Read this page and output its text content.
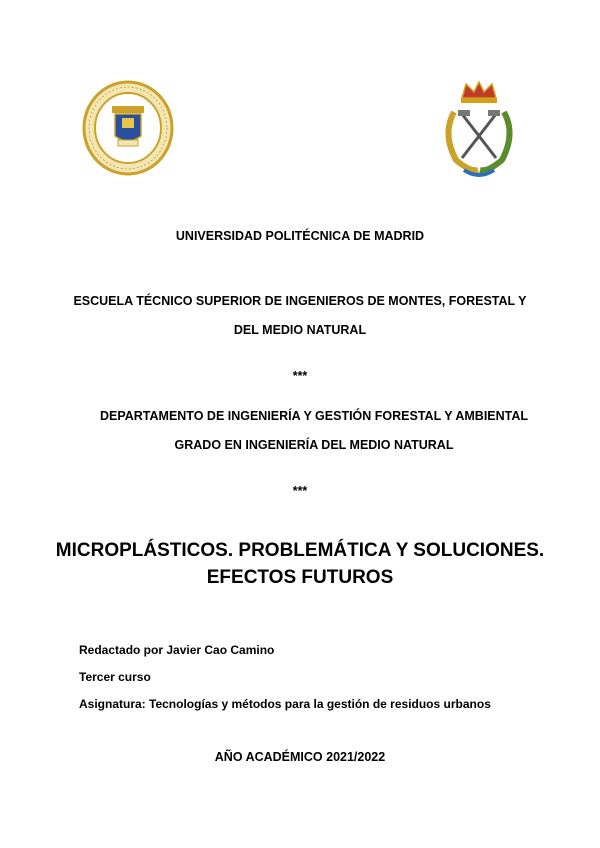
UNIVERSIDAD POLITÉCNICA DE MADRID
ESCUELA TÉCNICO SUPERIOR DE INGENIEROS DE MONTES, FORESTAL Y
DEL MEDIO NATURAL
***
DEPARTAMENTO DE INGENIERÍA Y GESTIÓN FORESTAL Y AMBIENTAL
GRADO EN INGENIERÍA DEL MEDIO NATURAL
***
MICROPLÁSTICOS. PROBLEMÁTICA Y SOLUCIONES.
EFECTOS FUTUROS
Redactado por Javier Cao Camino
Tercer curso
Asignatura: Tecnologías y métodos para la gestión de residuos urbanos
AÑO ACADÉMICO 2021/2022
